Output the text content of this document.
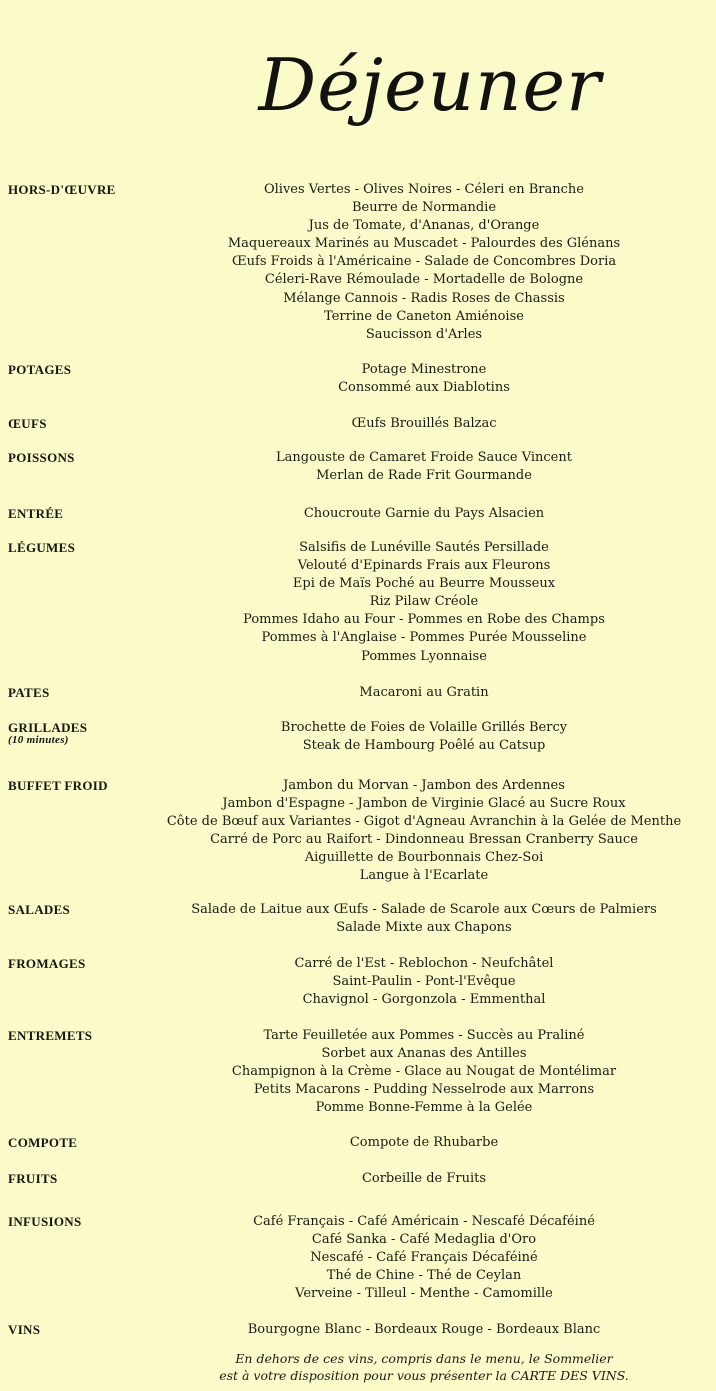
Déjeuner
HORS-D'ŒUVRE	Olives Vertes - Olives Noires - Céleri en Branche
Beurre de Normandie
Jus de Tomate, d'Ananas, d'Orange
Maquereaux Marinés au Muscadet - Palourdes des Glénans
Œufs Froids à l'Américaine - Salade de Concombres Doria
Céleri-Rave Rémoulade - Mortadelle de Bologne
Mélange Cannois - Radis Roses de Chassis
Terrine de Caneton Amiénoise
Saucisson d'Arles
POTAGES	Potage Minestrone
Consommé aux Diablotins
ŒUFS	Œufs Brouillés Balzac
POISSONS	Langouste de Camaret Froide Sauce Vincent
Merlan de Rade Frit Gourmande
ENTRÉE	Choucroute Garnie du Pays Alsacien
LÉGUMES	Salsifis de Lunéville Sautés Persillade
Velouté d'Epinards Frais aux Fleurons
Epi de Maïs Poché au Beurre Mousseux
Riz Pilaw Créole
Pommes Idaho au Four - Pommes en Robe des Champs
Pommes à l'Anglaise - Pommes Purée Mousseline
Pommes Lyonnaise
PATES	Macaroni au Gratin
GRILLADES
(10 minutes)
Brochette de Foies de Volaille Grillés Bercy
Steak de Hambourg Poêlé au Catsup
BUFFET FROID	Jambon du Morvan - Jambon des Ardennes
Jambon d'Espagne - Jambon de Virginie Glacé au Sucre Roux
Côte de Bœuf aux Variantes - Gigot d'Agneau Avranchin à la Gelée de Menthe
Carré de Porc au Raifort - Dindonneau Bressan Cranberry Sauce
Aiguillette de Bourbonnais Chez-Soi
Langue à l'Ecarlate
SALADES	Salade de Laitue aux Œufs - Salade de Scarole aux Cœurs de Palmiers
Salade Mixte aux Chapons
FROMAGES	Carré de l'Est - Reblochon - Neufchâtel
Saint-Paulin - Pont-l'Evêque
Chavignol - Gorgonzola - Emmenthal
ENTREMETS	Tarte Feuilletée aux Pommes - Succès au Praliné
Sorbet aux Ananas des Antilles
Champignon à la Crème - Glace au Nougat de Montélimar
Petits Macarons - Pudding Nesselrode aux Marrons
Pomme Bonne-Femme à la Gelée
COMPOTE	Compote de Rhubarbe
FRUITS	Corbeille de Fruits
INFUSIONS	Café Français - Café Américain - Nescafé Décaféiné
Café Sanka - Café Medaglia d'Oro
Nescafé - Café Français Décaféiné
Thé de Chine - Thé de Ceylan
Verveine - Tilleul - Menthe - Camomille
VINS	Bourgogne Blanc - Bordeaux Rouge - Bordeaux Blanc
En dehors de ces vins, compris dans le menu, le Sommelier
est à votre disposition pour vous présenter la CARTE DES VINS.
